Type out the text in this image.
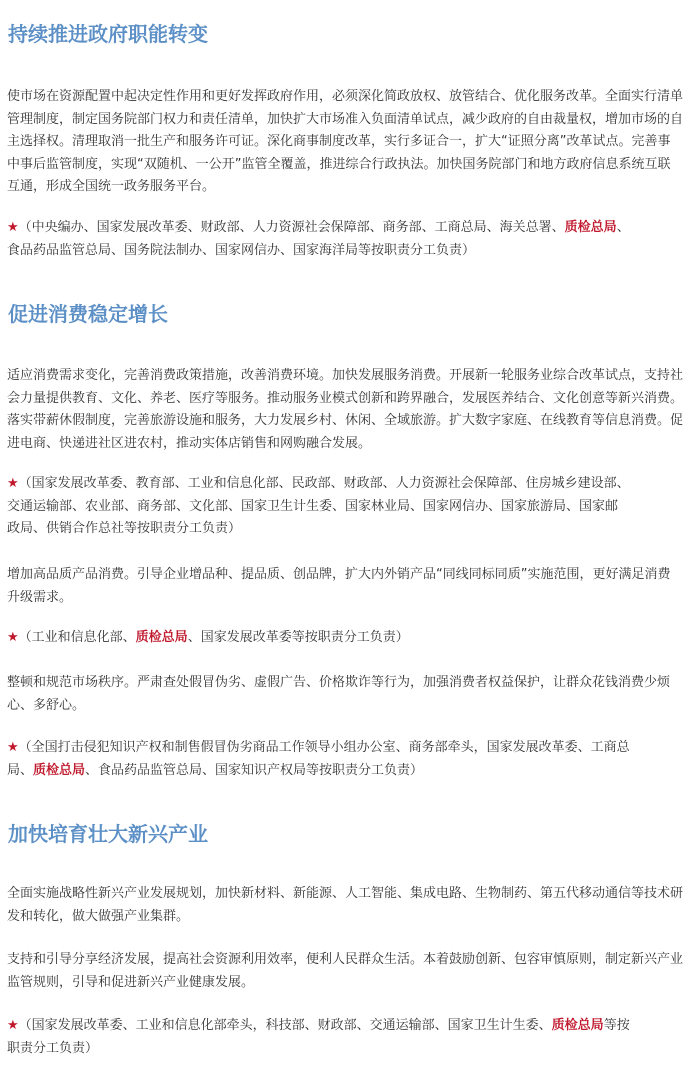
持续推进政府职能转变
使市场在资源配置中起决定性作用和更好发挥政府作用，必须深化简政放权、放管结合、优化服务改革。全面实行清单管理制度，制定国务院部门权力和责任清单，加快扩大市场准入负面清单试点，减少政府的自由裁量权，增加市场的自主选择权。清理取消一批生产和服务许可证。深化商事制度改革，实行多证合一，扩大“证照分离”改革试点。完善事中事后监管制度，实现“双随机、一公开”监管全覆盖，推进综合行政执法。加快国务院部门和地方政府信息系统互联互通，形成全国统一政务服务平台。
★（中央编办、国家发展改革委、财政部、人力资源社会保障部、商务部、工商总局、海关总署、质检总局、
食品药品监管总局、国务院法制办、国家网信办、国家海洋局等按职责分工负责）
促进消费稳定增长
适应消费需求变化，完善消费政策措施，改善消费环境。加快发展服务消费。开展新一轮服务业综合改革试点，支持社会力量提供教育、文化、养老、医疗等服务。推动服务业模式创新和跨界融合，发展医养结合、文化创意等新兴消费。落实带薪休假制度，完善旅游设施和服务，大力发展乡村、休闲、全域旅游。扩大数字家庭、在线教育等信息消费。促进电商、快递进社区进农村，推动实体店销售和网购融合发展。
★（国家发展改革委、教育部、工业和信息化部、民政部、财政部、人力资源社会保障部、住房城乡建设部、
交通运输部、农业部、商务部、文化部、国家卫生计生委、国家林业局、国家网信办、国家旅游局、国家邮
政局、供销合作总社等按职责分工负责）
增加高品质产品消费。引导企业增品种、提品质、创品牌，扩大内外销产品“同线同标同质”实施范围，更好满足消费升级需求。
★（工业和信息化部、质检总局、国家发展改革委等按职责分工负责）
整顿和规范市场秩序。严肃查处假冒伪劣、虚假广告、价格欺诈等行为，加强消费者权益保护，让群众花钱消费少烦心、多舒心。
★（全国打击侵犯知识产权和制售假冒伪劣商品工作领导小组办公室、商务部牵头，国家发展改革委、工商总
局、质检总局、食品药品监管总局、国家知识产权局等按职责分工负责）
加快培育壮大新兴产业
全面实施战略性新兴产业发展规划，加快新材料、新能源、人工智能、集成电路、生物制药、第五代移动通信等技术研发和转化，做大做强产业集群。
支持和引导分享经济发展，提高社会资源利用效率，便利人民群众生活。本着鼓励创新、包容审慎原则，制定新兴产业监管规则，引导和促进新兴产业健康发展。
★（国家发展改革委、工业和信息化部牵头，科技部、财政部、交通运输部、国家卫生计生委、质检总局等按
职责分工负责）
